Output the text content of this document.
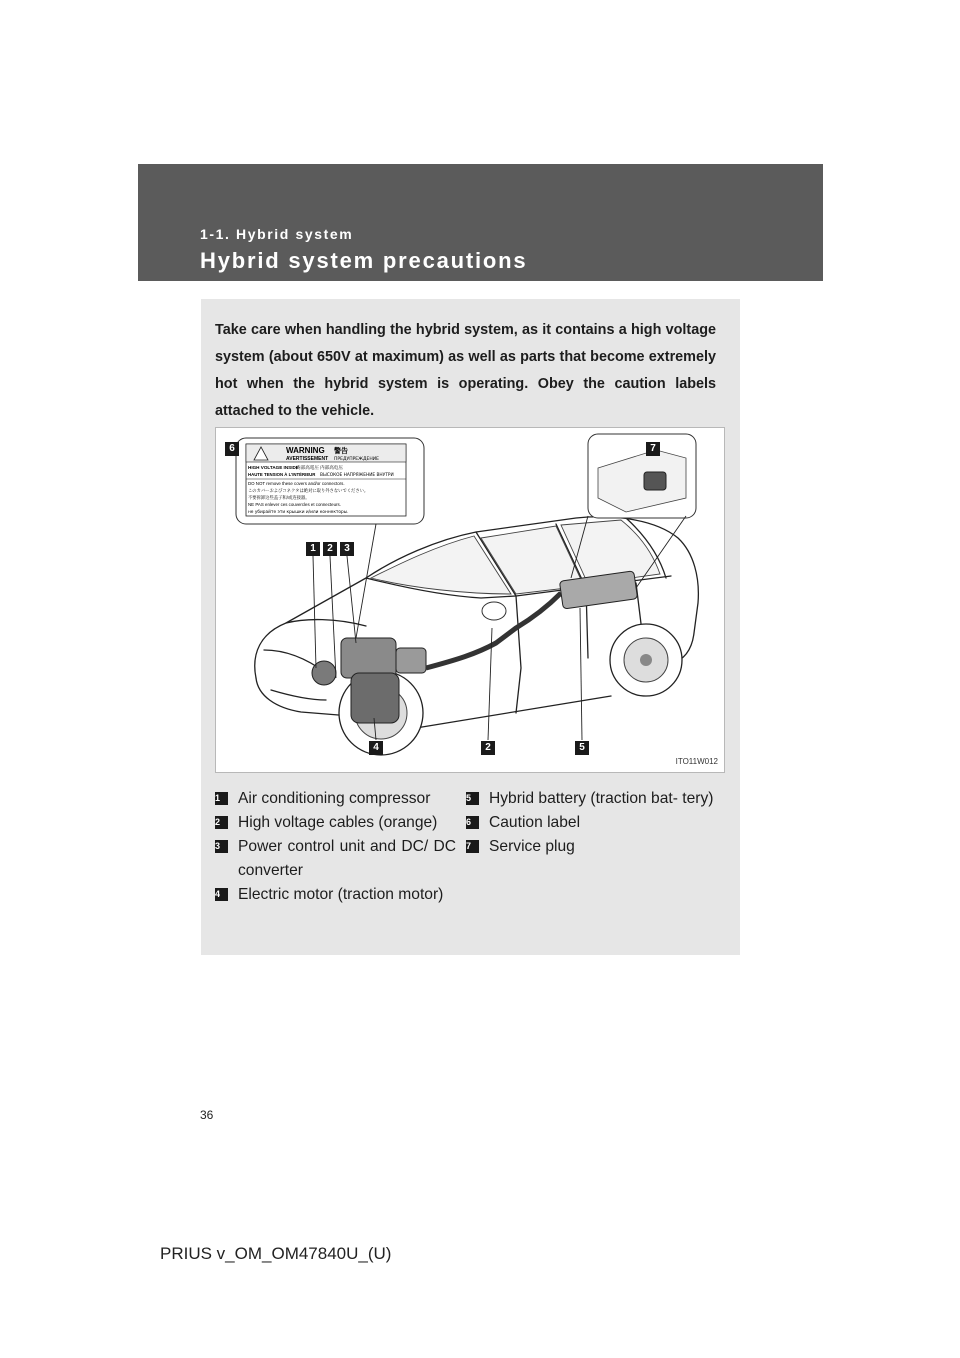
1-1. Hybrid system
Hybrid system precautions
Take care when handling the hybrid system, as it contains a high voltage system (about 650V at maximum) as well as parts that become extremely hot when the hybrid system is operating. Obey the caution labels attached to the vehicle.
WARNING 警告
AVERTISSEMENT ПРЕДУПРЕЖДЕНИЕ
HIGH VOLTAGE INSIDE
内部高電圧 内部高电压
HAUTE TENSION À L'INTÉRIEUR ВЫСОКОЕ НАПРЯЖЕНИЕ ВНУТРИ
DO NOT remove these covers and/or connectors.
このカバーおよびコネクタは絶対に取り外さないでください。
不要拆卸这些盖子和/或连接器。
NE PAS enlever ces couvercles et connecteurs.
не убирайте эти крышки и/или коннекторы.
6	7
1	2	3
4	2	5
ITO11W012
1	Air conditioning compressor
2	High voltage cables (orange)
3	Power control unit and DC/ DC converter
4	Electric motor (traction motor)
5	Hybrid battery (traction bat- tery)
6	Caution label
7	Service plug
36
PRIUS v_OM_OM47840U_(U)
